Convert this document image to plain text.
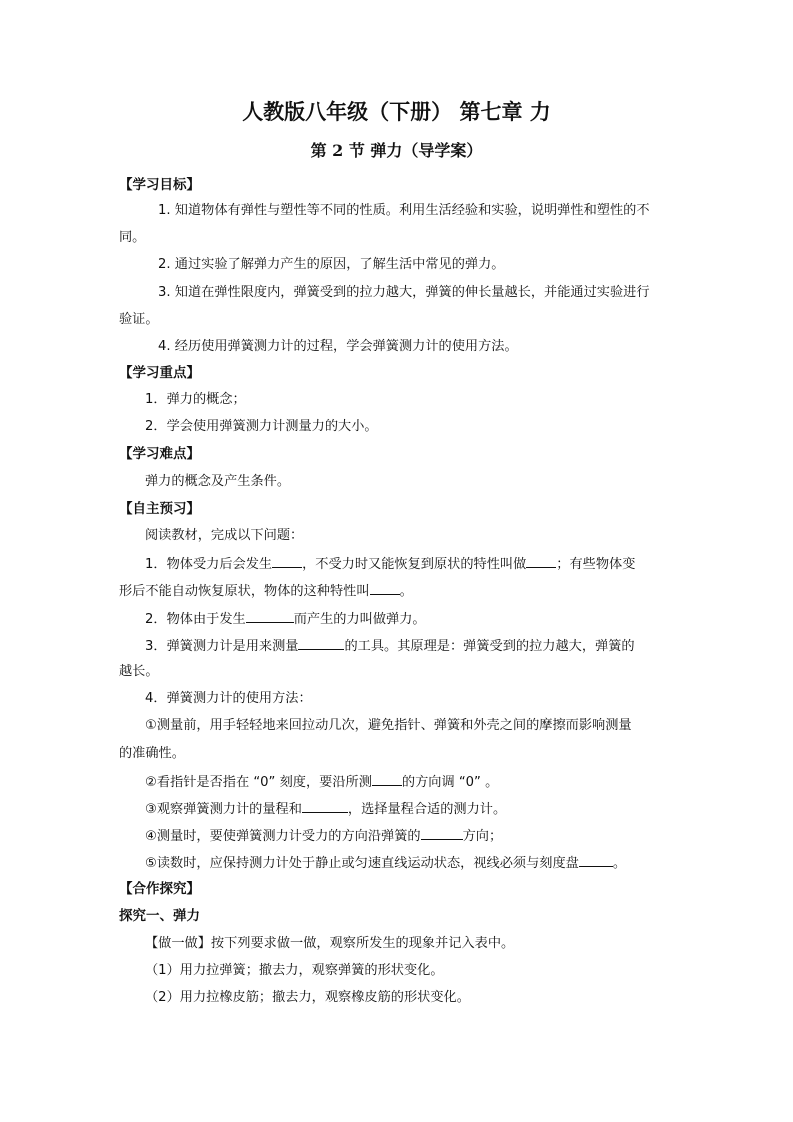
人教版八年级（下册） 第七章 力
第 2 节 弹力（导学案）
【学习目标】
1. 知道物体有弹性与塑性等不同的性质。利用生活经验和实验，说明弹性和塑性的不
同。
2. 通过实验了解弹力产生的原因，了解生活中常见的弹力。
3. 知道在弹性限度内，弹簧受到的拉力越大，弹簧的伸长量越长，并能通过实验进行
验证。
4. 经历使用弹簧测力计的过程，学会弹簧测力计的使用方法。
【学习重点】
1．弹力的概念；
2．学会使用弹簧测力计测量力的大小。
【学习难点】
弹力的概念及产生条件。
【自主预习】
阅读教材，完成以下问题：
1．物体受力后会发生 ，不受力时又能恢复到原状的特性叫做 ；有些物体变
形后不能自动恢复原状，物体的这种特性叫 。
2．物体由于发生	而产生的力叫做弹力。
3．弹簧测力计是用来测量	的工具。其原理是：弹簧受到的拉力越大，弹簧的
越长。
4．弹簧测力计的使用方法：
①测量前，用手轻轻地来回拉动几次，避免指针、弹簧和外壳之间的摩擦而影响测量
的准确性。
②看指针是否指在 “0” 刻度，要沿所测 的方向调 “0” 。
③观察弹簧测力计的量程和	，选择量程合适的测力计。
④测量时，要使弹簧测力计受力的方向沿弹簧的	方向；
⑤读数时，应保持测力计处于静止或匀速直线运动状态，视线必须与刻度盘	。
【合作探究】
探究一、弹力
【做一做】按下列要求做一做，观察所发生的现象并记入表中。
（1）用力拉弹簧；撤去力，观察弹簧的形状变化。
（2）用力拉橡皮筋；撤去力，观察橡皮筋的形状变化。
